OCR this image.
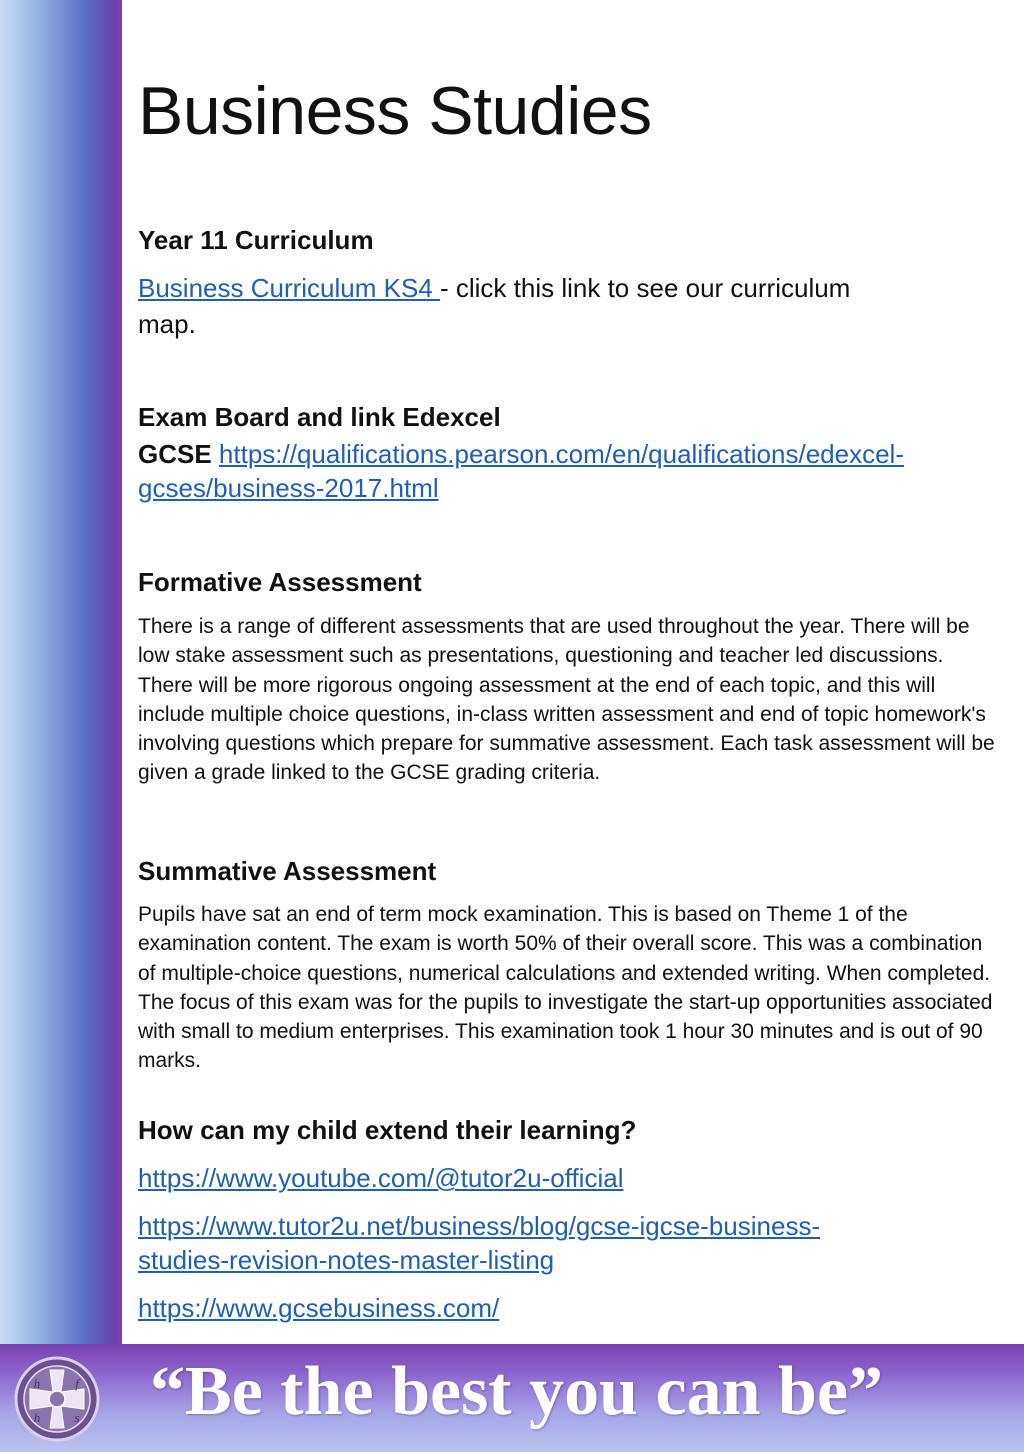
Business Studies
Year 11 Curriculum
Business Curriculum KS4 - click this link to see our curriculum
map.
Exam Board and link Edexcel
GCSE https://qualifications.pearson.com/en/qualifications/edexcel-
gcses/business-2017.html
Formative Assessment

There is a range of different assessments that are used throughout the year. There will be low stake assessment such as presentations, questioning and teacher led discussions. There will be more rigorous ongoing assessment at the end of each topic, and this will include multiple choice questions, in-class written assessment and end of topic homework's involving questions which prepare for summative assessment. Each task assessment will be given a grade linked to the GCSE grading criteria.

Summative Assessment

Pupils have sat an end of term mock examination. This is based on Theme 1 of the examination content. The exam is worth 50% of their overall score. This was a combination of multiple-choice questions, numerical calculations and extended writing. When completed. The focus of this exam was for the pupils to investigate the start-up opportunities associated with small to medium enterprises. This examination took 1 hour 30 minutes and is out of 90 marks.

How can my child extend their learning?
https://www.youtube.com/@tutor2u-official
https://www.tutor2u.net/business/blog/gcse-igcse-business-
studies-revision-notes-master-listing
https://www.gcsebusiness.com/
h	f
h	s “Be the best you can be”
